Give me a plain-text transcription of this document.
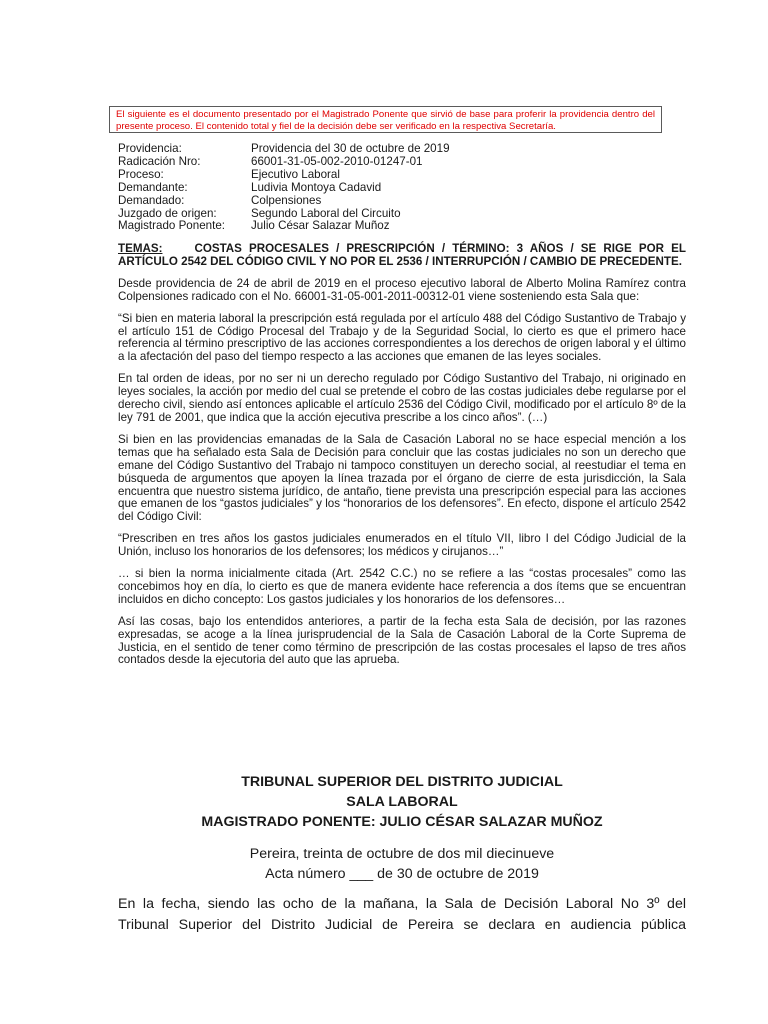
El siguiente es el documento presentado por el Magistrado Ponente que sirvió de base para proferir la providencia dentro del presente proceso. El contenido total y fiel de la decisión debe ser verificado en la respectiva Secretaría.
Providencia:	Providencia del 30 de octubre de 2019
Radicación Nro:	66001-31-05-002-2010-01247-01
Proceso:	Ejecutivo Laboral
Demandante:	Ludivia Montoya Cadavid
Demandado:	Colpensiones
Juzgado de origen:	Segundo Laboral del Circuito
Magistrado Ponente:	Julio César Salazar Muñoz

TEMAS:	COSTAS PROCESALES / PRESCRIPCIÓN / TÉRMINO: 3 AÑOS / SE RIGE POR EL ARTÍCULO 2542 DEL CÓDIGO CIVIL Y NO POR EL 2536 / INTERRUPCIÓN / CAMBIO DE PRECEDENTE.

Desde providencia de 24 de abril de 2019 en el proceso ejecutivo laboral de Alberto Molina Ramírez contra Colpensiones radicado con el No. 66001-31-05-001-2011-00312-01 viene sosteniendo esta Sala que:

“Si bien en materia laboral la prescripción está regulada por el artículo 488 del Código Sustantivo de Trabajo y el artículo 151 de Código Procesal del Trabajo y de la Seguridad Social, lo cierto es que el primero hace referencia al término prescriptivo de las acciones correspondientes a los derechos de origen laboral y el último a la afectación del paso del tiempo respecto a las acciones que emanen de las leyes sociales.

En tal orden de ideas, por no ser ni un derecho regulado por Código Sustantivo del Trabajo, ni originado en leyes sociales, la acción por medio del cual se pretende el cobro de las costas judiciales debe regularse por el derecho civil, siendo así entonces aplicable el artículo 2536 del Código Civil, modificado por el artículo 8º de la ley 791 de 2001, que indica que la acción ejecutiva prescribe a los cinco años”. (…)

Si bien en las providencias emanadas de la Sala de Casación Laboral no se hace especial mención a los temas que ha señalado esta Sala de Decisión para concluir que las costas judiciales no son un derecho que emane del Código Sustantivo del Trabajo ni tampoco constituyen un derecho social, al reestudiar el tema en búsqueda de argumentos que apoyen la línea trazada por el órgano de cierre de esta jurisdicción, la Sala encuentra que nuestro sistema jurídico, de antaño, tiene prevista una prescripción especial para las acciones que emanen de los “gastos judiciales” y los “honorarios de los defensores”. En efecto, dispone el artículo 2542 del Código Civil:

“Prescriben en tres años los gastos judiciales enumerados en el título VII, libro I del Código Judicial de la Unión, incluso los honorarios de los defensores; los médicos y cirujanos…”

… si bien la norma inicialmente citada (Art. 2542 C.C.) no se refiere a las “costas procesales” como las concebimos hoy en día, lo cierto es que de manera evidente hace referencia a dos ítems que se encuentran incluidos en dicho concepto: Los gastos judiciales y los honorarios de los defensores…

Así las cosas, bajo los entendidos anteriores, a partir de la fecha esta Sala de decisión, por las razones expresadas, se acoge a la línea jurisprudencial de la Sala de Casación Laboral de la Corte Suprema de Justicia, en el sentido de tener como término de prescripción de las costas procesales el lapso de tres años contados desde la ejecutoria del auto que las aprueba.

TRIBUNAL SUPERIOR DEL DISTRITO JUDICIAL
SALA LABORAL
MAGISTRADO PONENTE: JULIO CÉSAR SALAZAR MUÑOZ
Pereira, treinta de octubre de dos mil diecinueve
Acta número ___ de 30 de octubre de 2019
En la fecha, siendo las ocho de la mañana, la Sala de Decisión Laboral No 3º del
Tribunal Superior del Distrito Judicial de Pereira se declara en audiencia pública
